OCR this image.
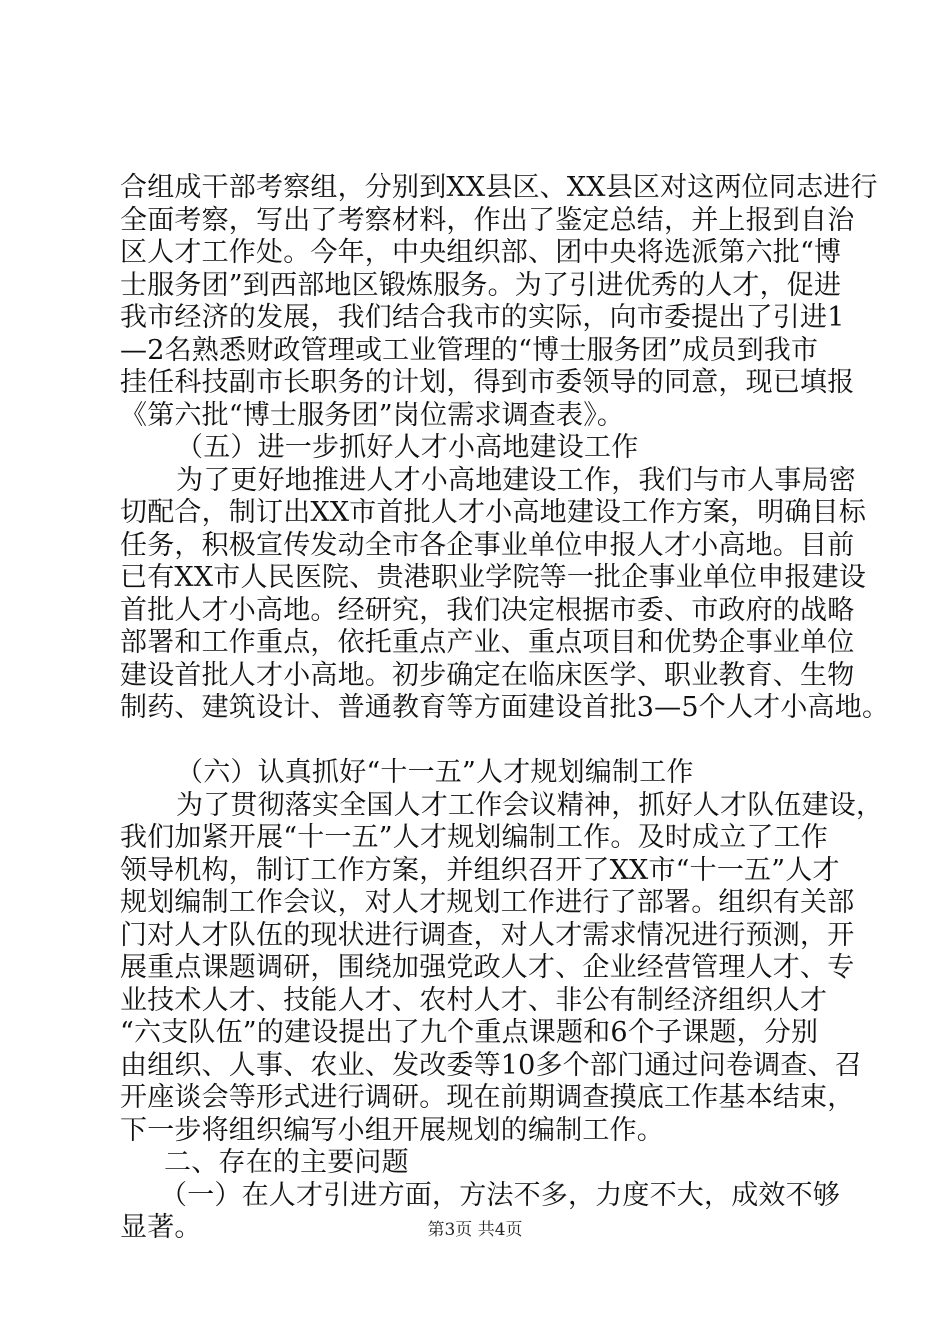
合组成干部考察组，分别到XX县区、XX县区对这两位同志进行
全面考察，写出了考察材料，作出了鉴定总结，并上报到自治
区人才工作处。今年，中央组织部、团中央将选派第六批“博
士服务团”到西部地区锻炼服务。为了引进优秀的人才，促进
我市经济的发展，我们结合我市的实际，向市委提出了引进1
—2名熟悉财政管理或工业管理的“博士服务团”成员到我市
挂任科技副市长职务的计划，得到市委领导的同意，现已填报
《第六批“博士服务团”岗位需求调查表》。
（五）进一步抓好人才小高地建设工作
为了更好地推进人才小高地建设工作，我们与市人事局密
切配合，制订出XX市首批人才小高地建设工作方案，明确目标
任务，积极宣传发动全市各企事业单位申报人才小高地。目前
已有XX市人民医院、贵港职业学院等一批企事业单位申报建设
首批人才小高地。经研究，我们决定根据市委、市政府的战略
部署和工作重点，依托重点产业、重点项目和优势企事业单位
建设首批人才小高地。初步确定在临床医学、职业教育、生物
制药、建筑设计、普通教育等方面建设首批3—5个人才小高地。
（六）认真抓好“十一五”人才规划编制工作
为了贯彻落实全国人才工作会议精神，抓好人才队伍建设，
我们加紧开展“十一五”人才规划编制工作。及时成立了工作
领导机构，制订工作方案，并组织召开了XX市“十一五”人才
规划编制工作会议，对人才规划工作进行了部署。组织有关部
门对人才队伍的现状进行调查，对人才需求情况进行预测，开
展重点课题调研，围绕加强党政人才、企业经营管理人才、专
业技术人才、技能人才、农村人才、非公有制经济组织人才
“六支队伍”的建设提出了九个重点课题和6个子课题，分别
由组织、人事、农业、发改委等10多个部门通过问卷调查、召
开座谈会等形式进行调研。现在前期调查摸底工作基本结束，
下一步将组织编写小组开展规划的编制工作。
二、存在的主要问题
（一）在人才引进方面，方法不多，力度不大，成效不够
显著。	第3页 共4页
